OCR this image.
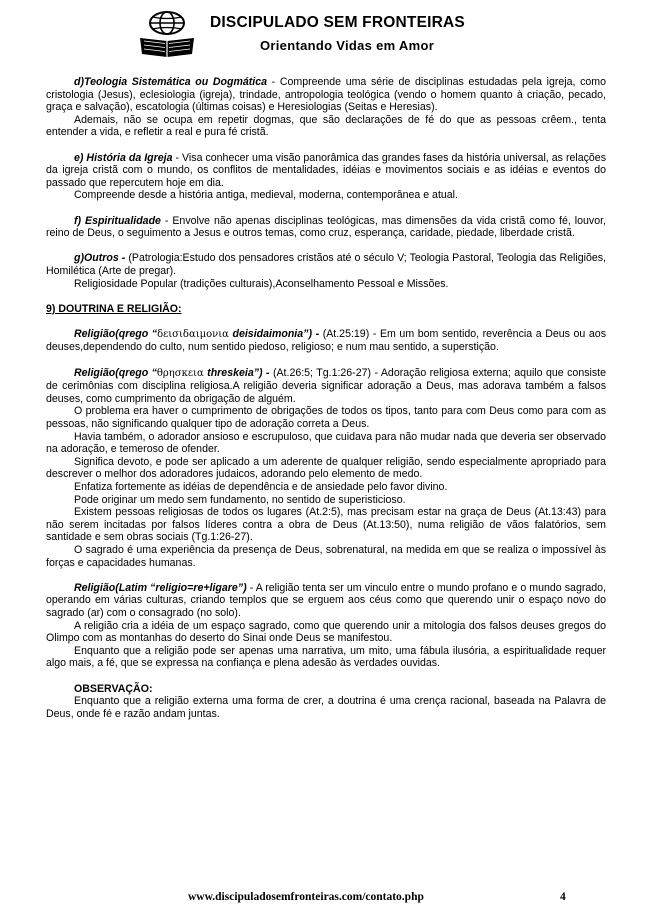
DISCIPULADO SEM FRONTEIRAS
Orientando Vidas em Amor

d)Teologia Sistemática ou Dogmática - Compreende uma série de disciplinas estudadas pela igreja, como cristologia (Jesus), eclesiologia (igreja), trindade, antropologia teológica (vendo o homem quanto à criação, pecado, graça e salvação), escatologia (últimas coisas) e Heresiologias (Seitas e Heresias).

Ademais, não se ocupa em repetir dogmas, que são declarações de fé do que as pessoas crêem., tenta entender a vida, e refletir a real e pura fé cristã.

e) História da Igreja - Visa conhecer uma visão panorâmica das grandes fases da história universal, as relações da igreja cristã com o mundo, os conflitos de mentalidades, idéias e movimentos sociais e as idéias e eventos do passado que repercutem hoje em dia.

Compreende desde a história antiga, medieval, moderna, contemporânea e atual.

f) Espiritualidade - Envolve não apenas disciplinas teológicas, mas dimensões da vida cristã como fé, louvor, reino de Deus, o seguimento a Jesus e outros temas, como cruz, esperança, caridade, piedade, liberdade cristã.

g)Outros - (Patrologia:Estudo dos pensadores cristãos até o século V; Teologia Pastoral, Teologia das Religiões, Homilética (Arte de pregar).

Religiosidade Popular (tradições culturais),Aconselhamento Pessoal e Missões.

9) DOUTRINA E RELIGIÃO:

Religião(qrego “δεισιδαιμονια deisidaimonia”) - (At.25:19) - Em um bom sentido, reverência a Deus ou aos deuses,dependendo do culto, num sentido piedoso, religioso; e num mau sentido, a superstição.

Religião(qrego “θρησκεια threskeia”) - (At.26:5; Tg.1:26-27) - Adoração religiosa externa; aquilo que consiste de cerimônias com disciplina religiosa.A religião deveria significar adoração a Deus, mas adorava também a falsos deuses, como cumprimento da obrigação de alguém.

O problema era haver o cumprimento de obrigações de todos os tipos, tanto para com Deus como para com as pessoas, não significando qualquer tipo de adoração correta a Deus.

Havia também, o adorador ansioso e escrupuloso, que cuidava para não mudar nada que deveria ser observado na adoração, e temeroso de ofender.

Significa devoto, e pode ser aplicado a um aderente de qualquer religião, sendo especialmente apropriado para descrever o melhor dos adoradores judaicos, adorando pelo elemento de medo.

Enfatiza fortemente as idéias de dependência e de ansiedade pelo favor divino.

Pode originar um medo sem fundamento, no sentido de superisticioso.

Existem pessoas religiosas de todos os lugares (At.2:5), mas precisam estar na graça de Deus (At.13:43) para não serem incitadas por falsos líderes contra a obra de Deus (At.13:50), numa religião de vãos falatórios, sem santidade e sem obras sociais (Tg.1:26-27).

O sagrado é uma experiência da presença de Deus, sobrenatural, na medida em que se realiza o impossível às forças e capacidades humanas.

Religião(Latim “religio=re+ligare”) - A religião tenta ser um vinculo entre o mundo profano e o mundo sagrado, operando em várias culturas, criando templos que se erguem aos céus como que querendo unir o espaço novo do sagrado (ar) com o consagrado (no solo).

A religião cria a idéia de um espaço sagrado, como que querendo unir a mitologia dos falsos deuses gregos do Olimpo com as montanhas do deserto do Sinai onde Deus se manifestou.

Enquanto que a religião pode ser apenas uma narrativa, um mito, uma fábula ilusória, a espiritualidade requer algo mais, a fé, que se expressa na confiança e plena adesão às verdades ouvidas.

OBSERVAÇÃO:

Enquanto que a religião externa uma forma de crer, a doutrina é uma crença racional, baseada na Palavra de Deus, onde fé e razão andam juntas.

www.discipuladosemfronteiras.com/contato.php	4
